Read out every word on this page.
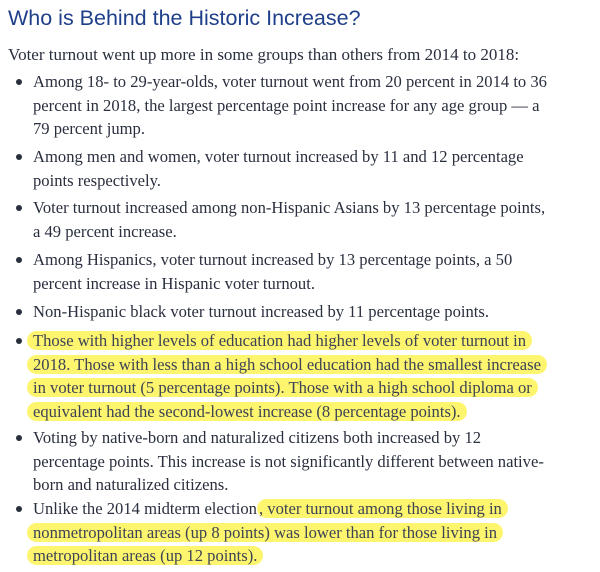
Who is Behind the Historic Increase?

Voter turnout went up more in some groups than others from 2014 to 2018:

Among 18- to 29-year-olds, voter turnout went from 20 percent in 2014 to 36
percent in 2018, the largest percentage point increase for any age group — a
79 percent jump.
Among men and women, voter turnout increased by 11 and 12 percentage
points respectively.
Voter turnout increased among non-Hispanic Asians by 13 percentage points,
a 49 percent increase.
Among Hispanics, voter turnout increased by 13 percentage points, a 50
percent increase in Hispanic voter turnout.
Non-Hispanic black voter turnout increased by 11 percentage points.
Those with higher levels of education had higher levels of voter turnout in
2018. Those with less than a high school education had the smallest increase
in voter turnout (5 percentage points). Those with a high school diploma or
equivalent had the second-lowest increase (8 percentage points).
Voting by native-born and naturalized citizens both increased by 12
percentage points. This increase is not significantly different between native-
born and naturalized citizens.
Unlike the 2014 midterm election , voter turnout among those living in
nonmetropolitan areas (up 8 points) was lower than for those living in
metropolitan areas (up 12 points).
